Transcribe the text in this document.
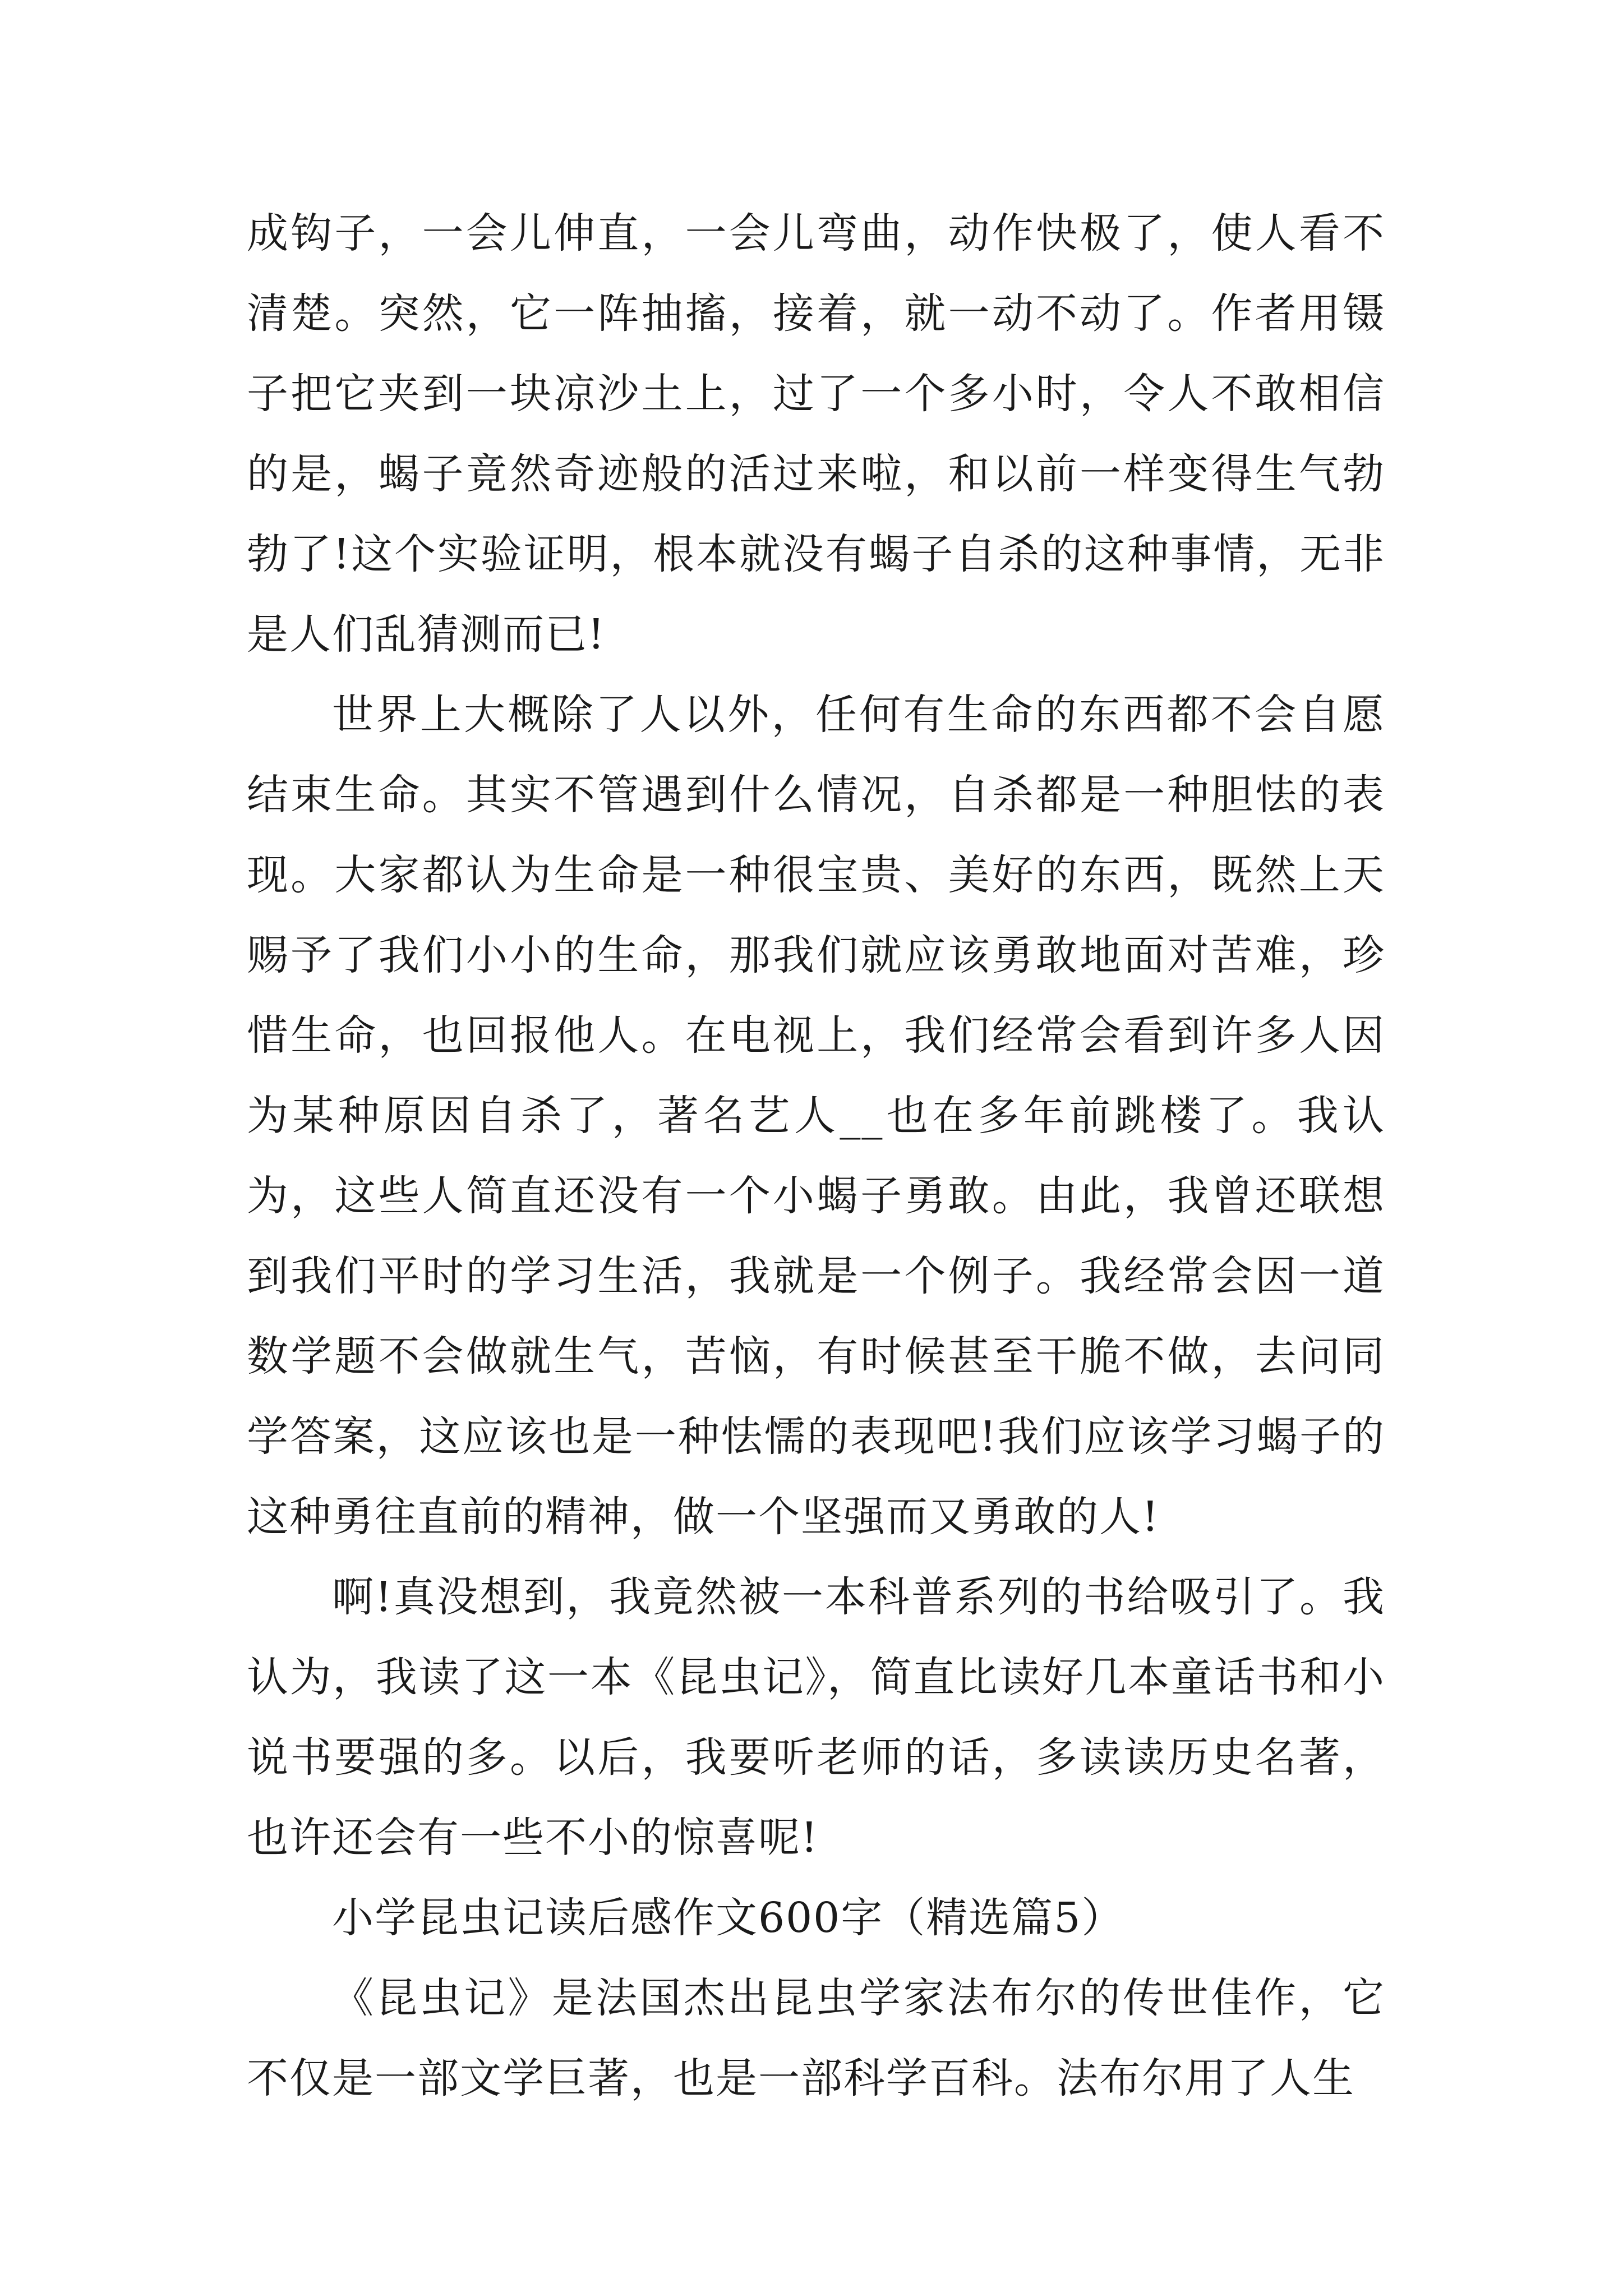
成钩子，一会儿伸直，一会儿弯曲，动作快极了，使人看不清楚。突然，它一阵抽搐，接着，就一动不动了。作者用镊子把它夹到一块凉沙土上，过了一个多小时，令人不敢相信的是，蝎子竟然奇迹般的活过来啦，和以前一样变得生气勃勃了!这个实验证明，根本就没有蝎子自杀的这种事情，无非是人们乱猜测而已!

世界上大概除了人以外，任何有生命的东西都不会自愿结束生命。其实不管遇到什么情况，自杀都是一种胆怯的表现。大家都认为生命是一种很宝贵、美好的东西，既然上天赐予了我们小小的生命，那我们就应该勇敢地面对苦难，珍惜生命，也回报他人。在电视上，我们经常会看到许多人因为某种原因自杀了，著名艺人__也在多年前跳楼了。我认为，这些人简直还没有一个小蝎子勇敢。由此，我曾还联想到我们平时的学习生活，我就是一个例子。我经常会因一道数学题不会做就生气，苦恼，有时候甚至干脆不做，去问同学答案，这应该也是一种怯懦的表现吧!我们应该学习蝎子的这种勇往直前的精神，做一个坚强而又勇敢的人!

啊!真没想到，我竟然被一本科普系列的书给吸引了。我认为，我读了这一本《昆虫记》，简直比读好几本童话书和小说书要强的多。以后，我要听老师的话，多读读历史名著，也许还会有一些不小的惊喜呢!

小学昆虫记读后感作文600字（精选篇5）

《昆虫记》是法国杰出昆虫学家法布尔的传世佳作，它不仅是一部文学巨著，也是一部科学百科。法布尔用了人生
